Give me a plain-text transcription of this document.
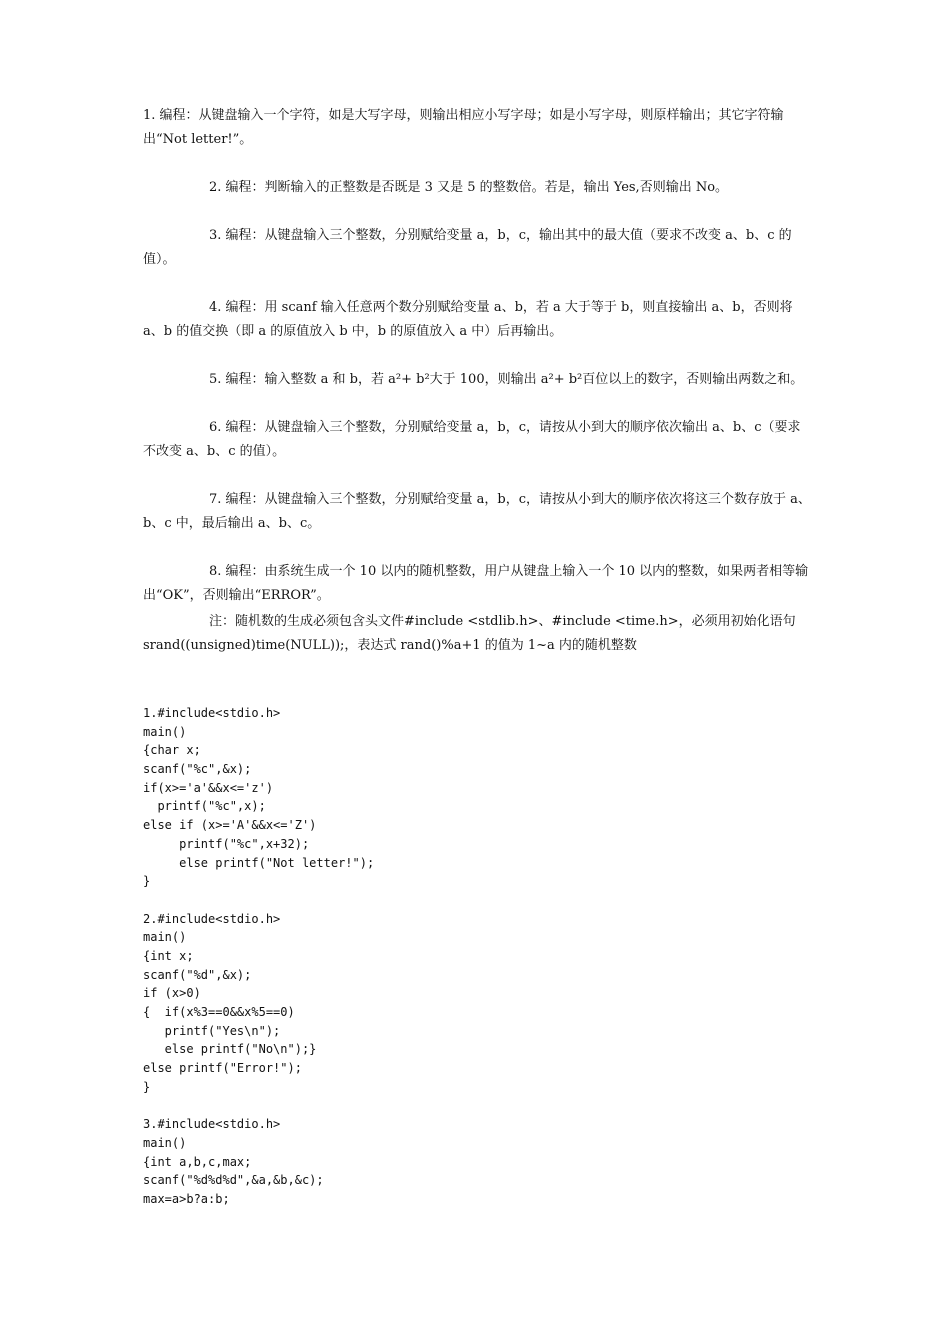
1. 编程：从键盘输入一个字符，如是大写字母，则输出相应小写字母；如是小写字母，则原样输出；其它字符输出“Not letter!”。

2. 编程：判断输入的正整数是否既是 3 又是 5 的整数倍。若是，输出 Yes,否则输出 No。

3. 编程：从键盘输入三个整数，分别赋给变量 a，b，c，输出其中的最大值（要求不改变 a、b、c 的值）。

4. 编程：用 scanf 输入任意两个数分别赋给变量 a、b，若 a 大于等于 b，则直接输出 a、b，否则将 a、b 的值交换（即 a 的原值放入 b 中，b 的原值放入 a 中）后再输出。

5. 编程：输入整数 a 和 b，若 a²+ b²大于 100，则输出 a²+ b²百位以上的数字，否则输出两数之和。

6. 编程：从键盘输入三个整数，分别赋给变量 a，b，c，请按从小到大的顺序依次输出 a、b、c（要求不改变 a、b、c 的值）。

7. 编程：从键盘输入三个整数，分别赋给变量 a，b，c，请按从小到大的顺序依次将这三个数存放于 a、b、c 中，最后输出 a、b、c。

8. 编程：由系统生成一个 10 以内的随机整数，用户从键盘上输入一个 10 以内的整数，如果两者相等输出“OK”，否则输出“ERROR”。

注：随机数的生成必须包含头文件#include <stdlib.h>、#include <time.h>，必须用初始化语句 srand((unsigned)time(NULL));，表达式 rand()%a+1 的值为 1~a 内的随机整数

1.#include<stdio.h>
main()
{char x;
scanf("%c",&x);
if(x>='a'&&x<='z')
printf("%c",x);
else if (x>='A'&&x<='Z')
printf("%c",x+32);
else printf("Not letter!");
}
2.#include<stdio.h>
main()
{int x;
scanf("%d",&x);
if (x>0)
{  if(x%3==0&&x%5==0)
printf("Yes\n");
else printf("No\n");}
else printf("Error!");
}
3.#include<stdio.h>
main()
{int a,b,c,max;
scanf("%d%d%d",&a,&b,&c);
max=a>b?a:b;
